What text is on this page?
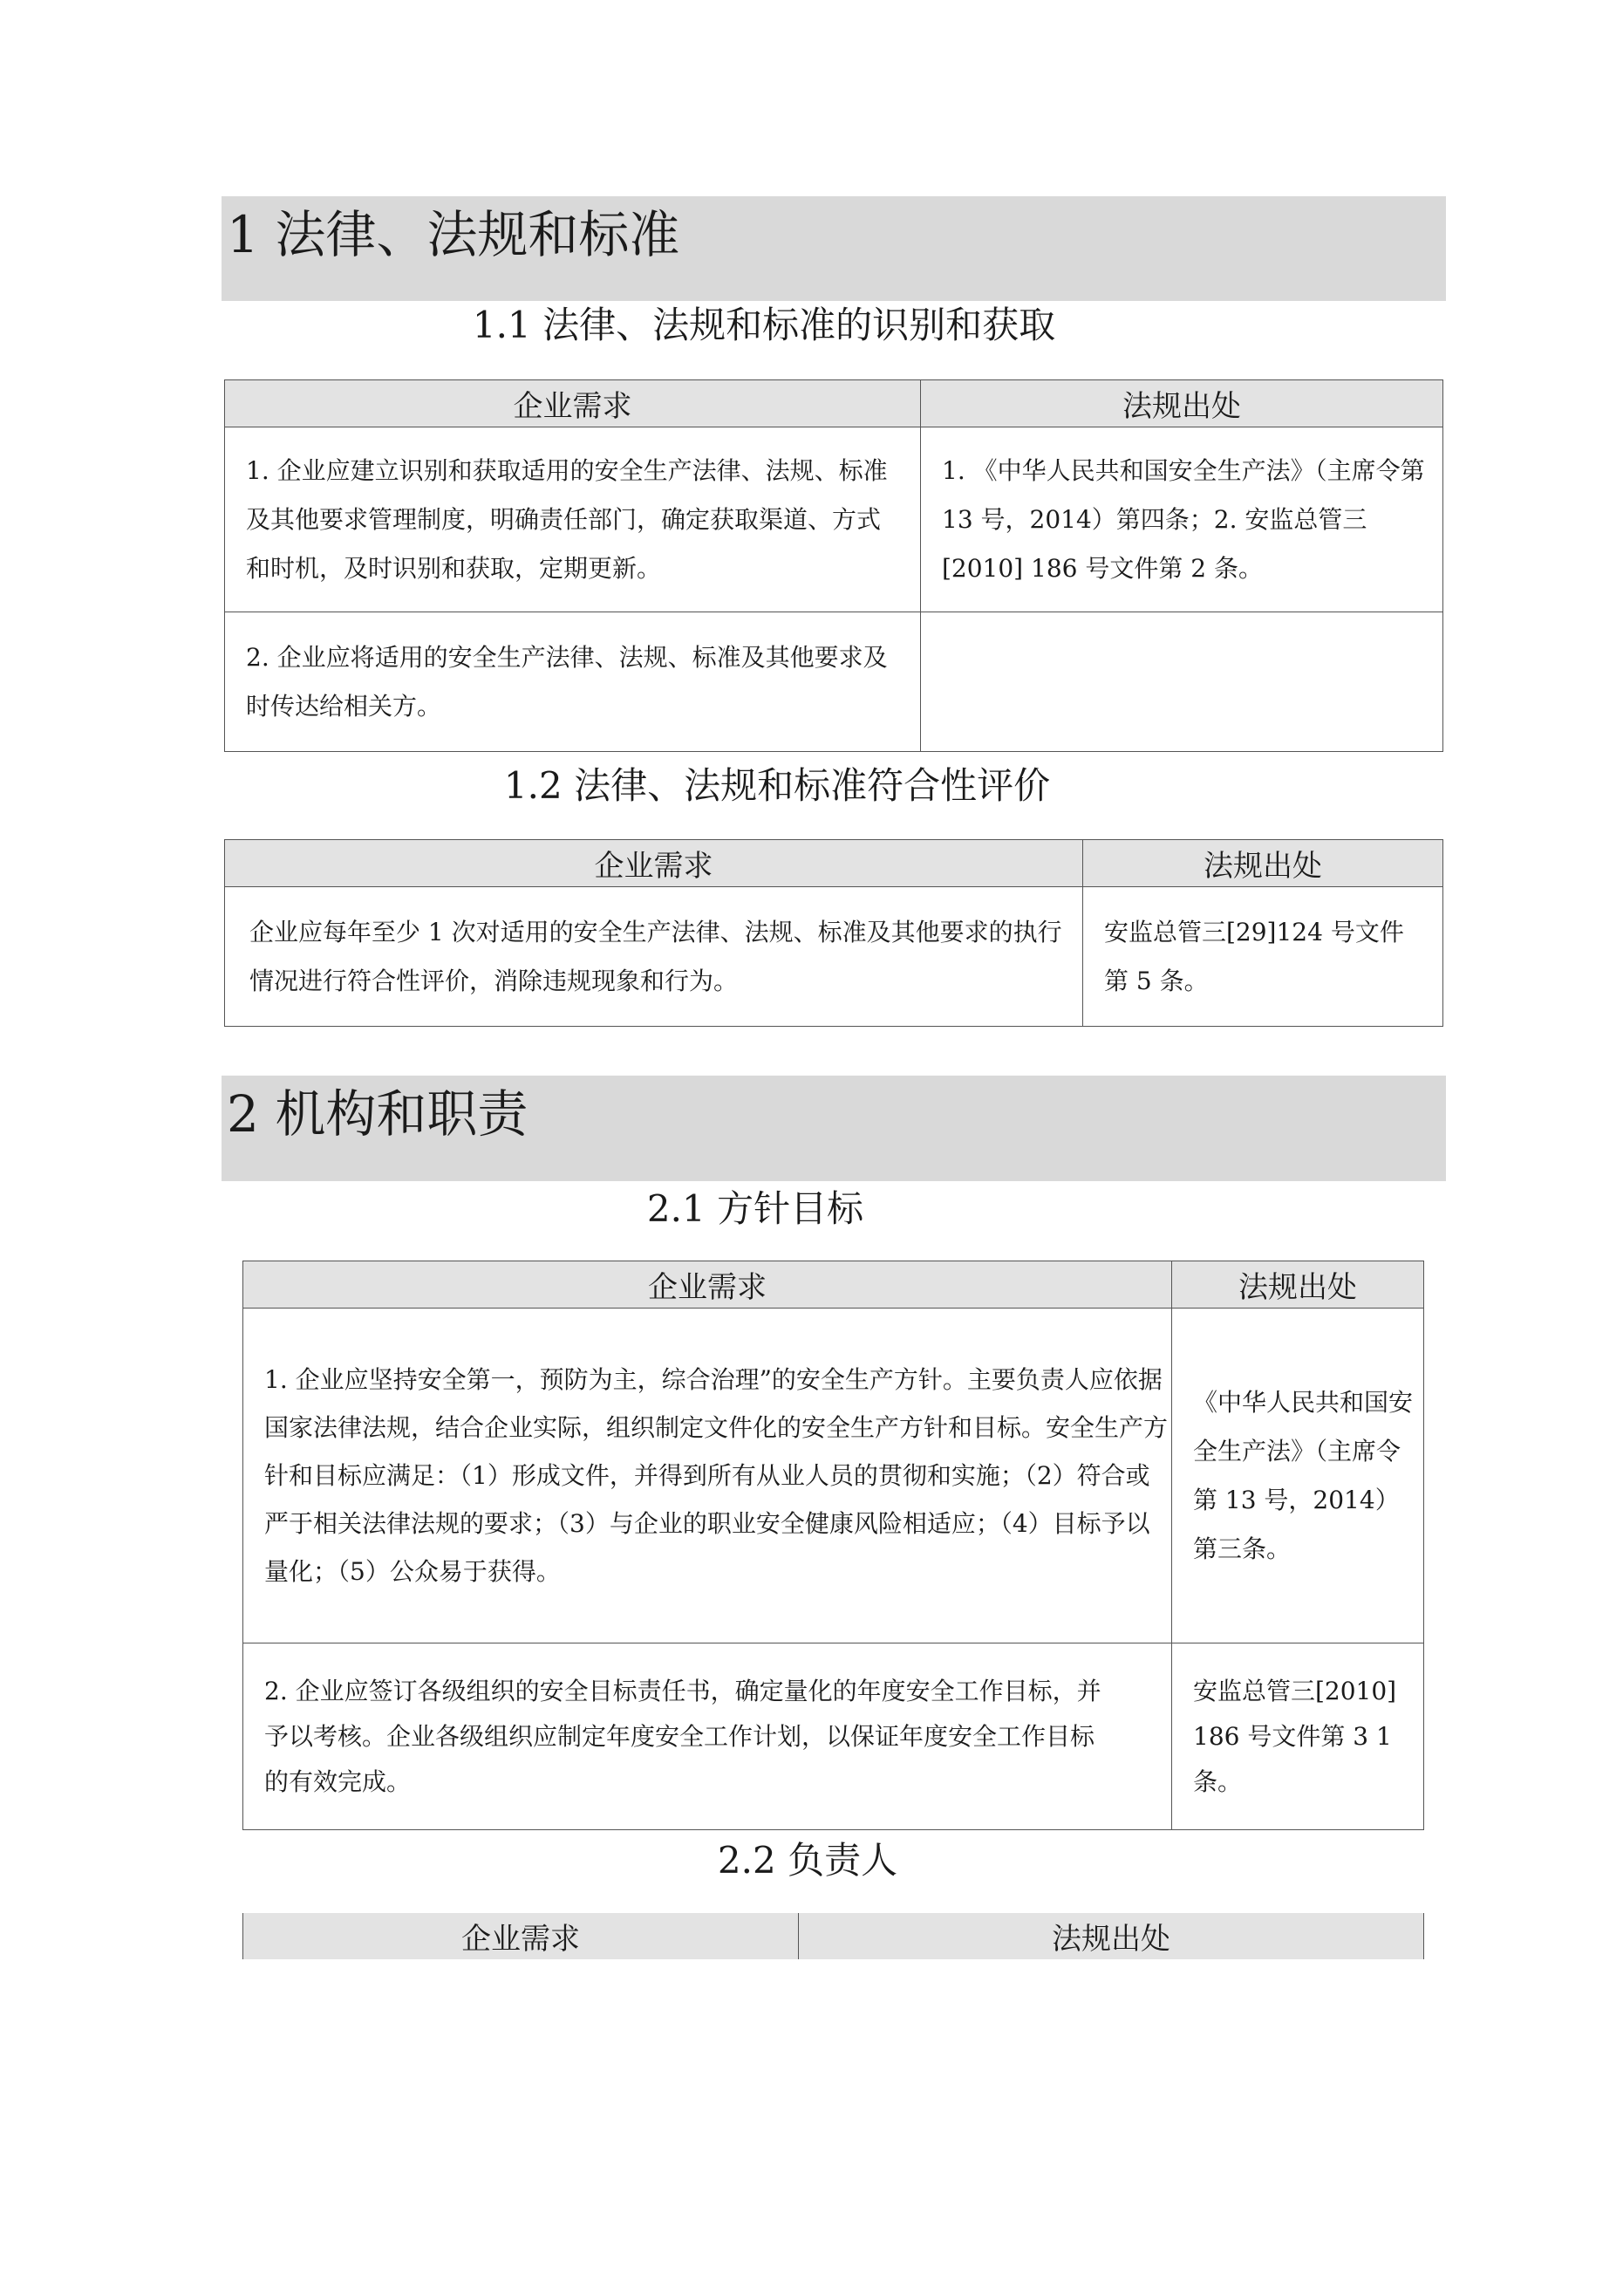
1 法律、法规和标准
1.1 法律、法规和标准的识别和获取
企业需求	法规出处
1. 企业应建立识别和获取适用的安全生产法律、法规、标准及其他要求管理制度，明确责任部门，确定获取渠道、方式和时机，及时识别和获取，定期更新。	1. 《中华人民共和国安全生产法》（主席令第 13 号，2014）第四条；2. 安监总管三[2010] 186 号文件第 2 条。
2. 企业应将适用的安全生产法律、法规、标准及其他要求及时传达给相关方。	
1.2 法律、法规和标准符合性评价
企业需求	法规出处
企业应每年至少 1 次对适用的安全生产法律、法规、标准及其他要求的执行情况进行符合性评价，消除违规现象和行为。	安监总管三[29]124 号文件第 5 条。
2 机构和职责
2.1 方针目标
企业需求	法规出处
1. 企业应坚持安全第一，预防为主，综合治理”的安全生产方针。主要负责人应依据国家法律法规，结合企业实际，组织制定文件化的安全生产方针和目标。安全生产方针和目标应满足：（1）形成文件，并得到所有从业人员的贯彻和实施；（2）符合或严于相关法律法规的要求；（3）与企业的职业安全健康风险相适应；（4）目标予以量化；（5）公众易于获得。	《中华人民共和国安全生产法》（主席令第 13 号，2014）第三条。
2. 企业应签订各级组织的安全目标责任书，确定量化的年度安全工作目标，并予以考核。企业各级组织应制定年度安全工作计划，以保证年度安全工作目标的有效完成。	安监总管三[2010]186 号文件第 3 1 条。
2.2 负责人
企业需求	法规出处
